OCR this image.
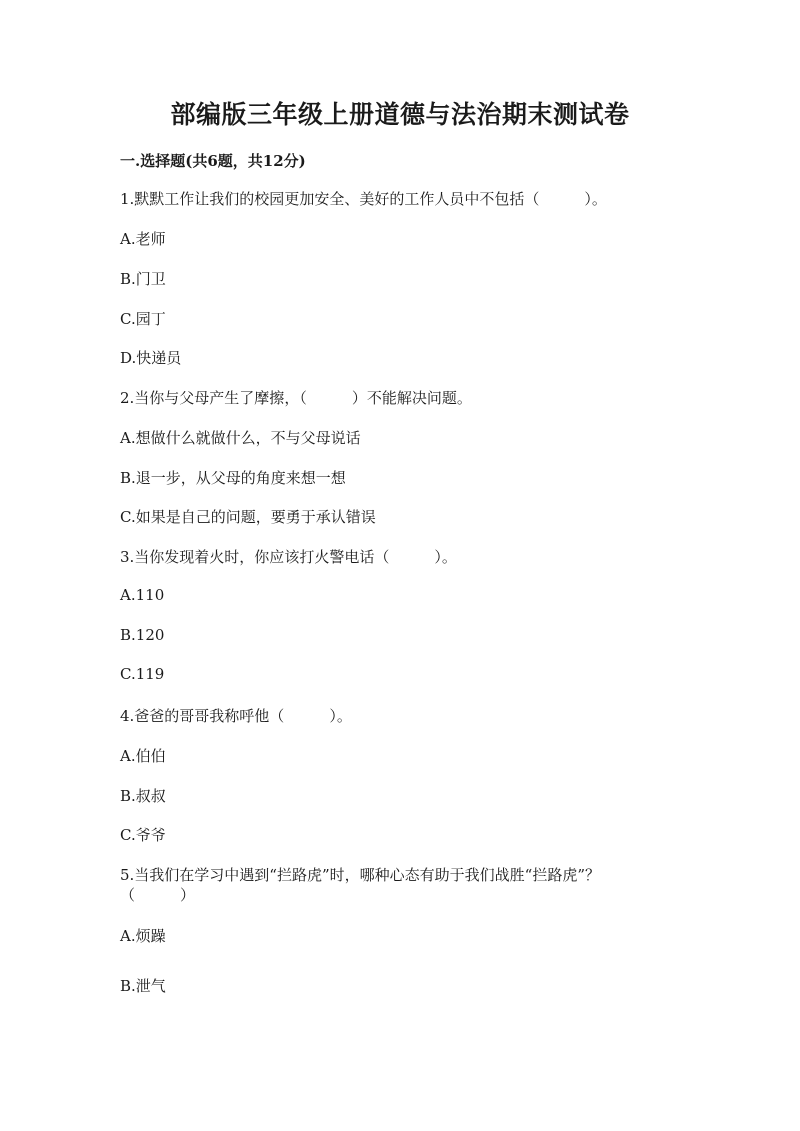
部编版三年级上册道德与法治期末测试卷
一.选择题(共6题，共12分)
1.默默工作让我们的校园更加安全、美好的工作人员中不包括（　　　）。
A.老师
B.门卫
C.园丁
D.快递员
2.当你与父母产生了摩擦，（　　　）不能解决问题。
A.想做什么就做什么，不与父母说话
B.退一步，从父母的角度来想一想
C.如果是自己的问题，要勇于承认错误
3.当你发现着火时，你应该打火警电话（　　　）。
A.110
B.120
C.119
4.爸爸的哥哥我称呼他（　　　）。
A.伯伯
B.叔叔
C.爷爷
5.当我们在学习中遇到“拦路虎”时，哪种心态有助于我们战胜“拦路虎”？
（　　　）
A.烦躁
B.泄气
